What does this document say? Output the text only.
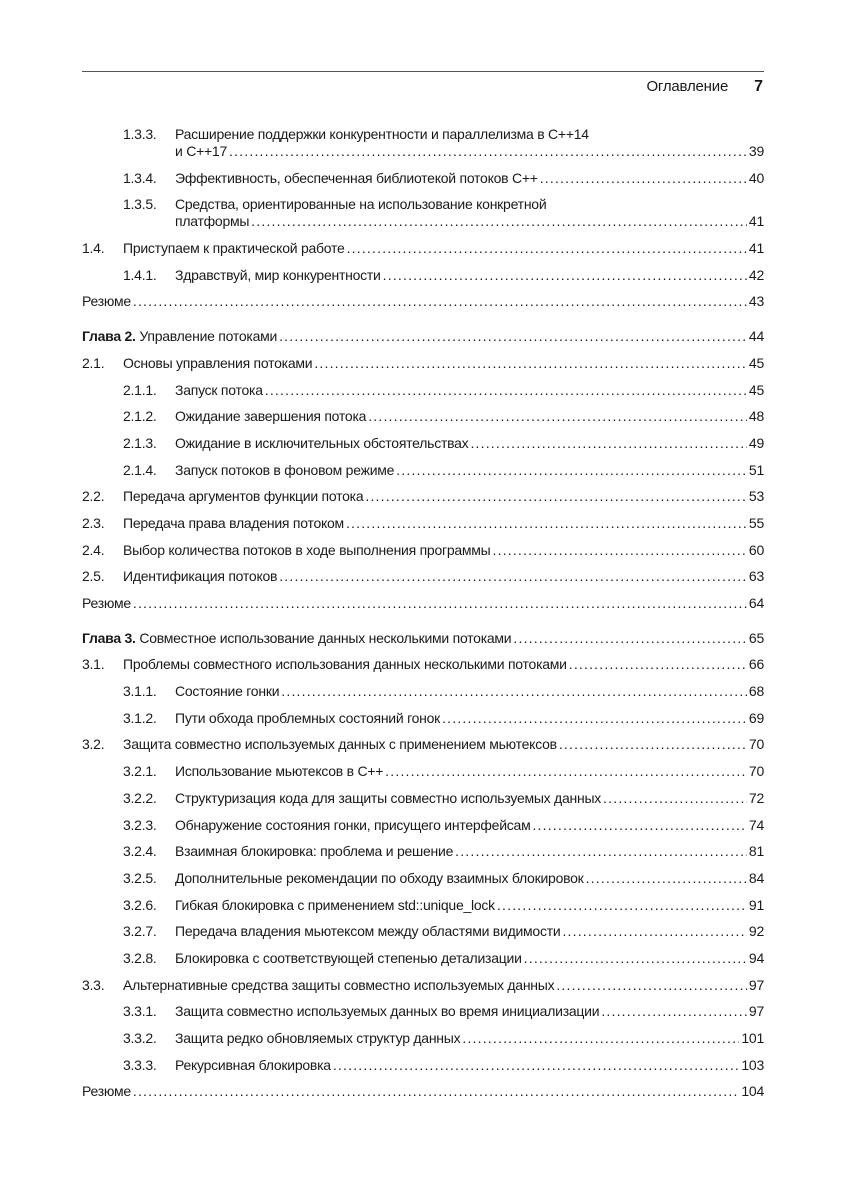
Оглавление 7
1.3.3.	Расширение поддержки конкурентности и параллелизма в С++14
и С++17 .....	39
1.3.4.	Эффективность, обеспеченная библиотекой потоков С++ .....	40
1.3.5.	Средства, ориентированные на использование конкретной
платформы .....	41
1.4.	Приступаем к практической работе .....	41
1.4.1.	Здравствуй, мир конкурентности .....	42
Резюме .....	43
Глава 2.
Управление потоками .....	44
2.1.	Основы управления потоками .....	45
2.1.1.	Запуск потока .....	45
2.1.2.	Ожидание завершения потока .....	48
2.1.3.	Ожидание в исключительных обстоятельствах .....	49
2.1.4.	Запуск потоков в фоновом режиме .....	51
2.2.	Передача аргументов функции потока .....	53
2.3.	Передача права владения потоком .....	55
2.4.	Выбор количества потоков в ходе выполнения программы .....	60
2.5.	Идентификация потоков .....	63
Резюме .....	64
Глава 3.
Совместное использование данных несколькими потоками .....	65
3.1.	Проблемы совместного использования данных несколькими потоками .....	66
3.1.1.	Состояние гонки .....	68
3.1.2.	Пути обхода проблемных состояний гонок .....	69
3.2.	Защита совместно используемых данных с применением мьютексов .....	70
3.2.1.	Использование мьютексов в С++ .....	70
3.2.2.	Структуризация кода для защиты совместно используемых данных .....	72
3.2.3.	Обнаружение состояния гонки, присущего интерфейсам .....	74
3.2.4.	Взаимная блокировка: проблема и решение .....	81
3.2.5.	Дополнительные рекомендации по обходу взаимных блокировок .....	84
3.2.6.	Гибкая блокировка с применением std::unique_lock .....	91
3.2.7.	Передача владения мьютексом между областями видимости .....	92
3.2.8.	Блокировка с соответствующей степенью детализации .....	94
3.3.	Альтернативные средства защиты совместно используемых данных .....	97
3.3.1.	Защита совместно используемых данных во время инициализации .....	97
3.3.2.	Защита редко обновляемых структур данных .....	101
3.3.3.	Рекурсивная блокировка .....	103
Резюме .....	104
